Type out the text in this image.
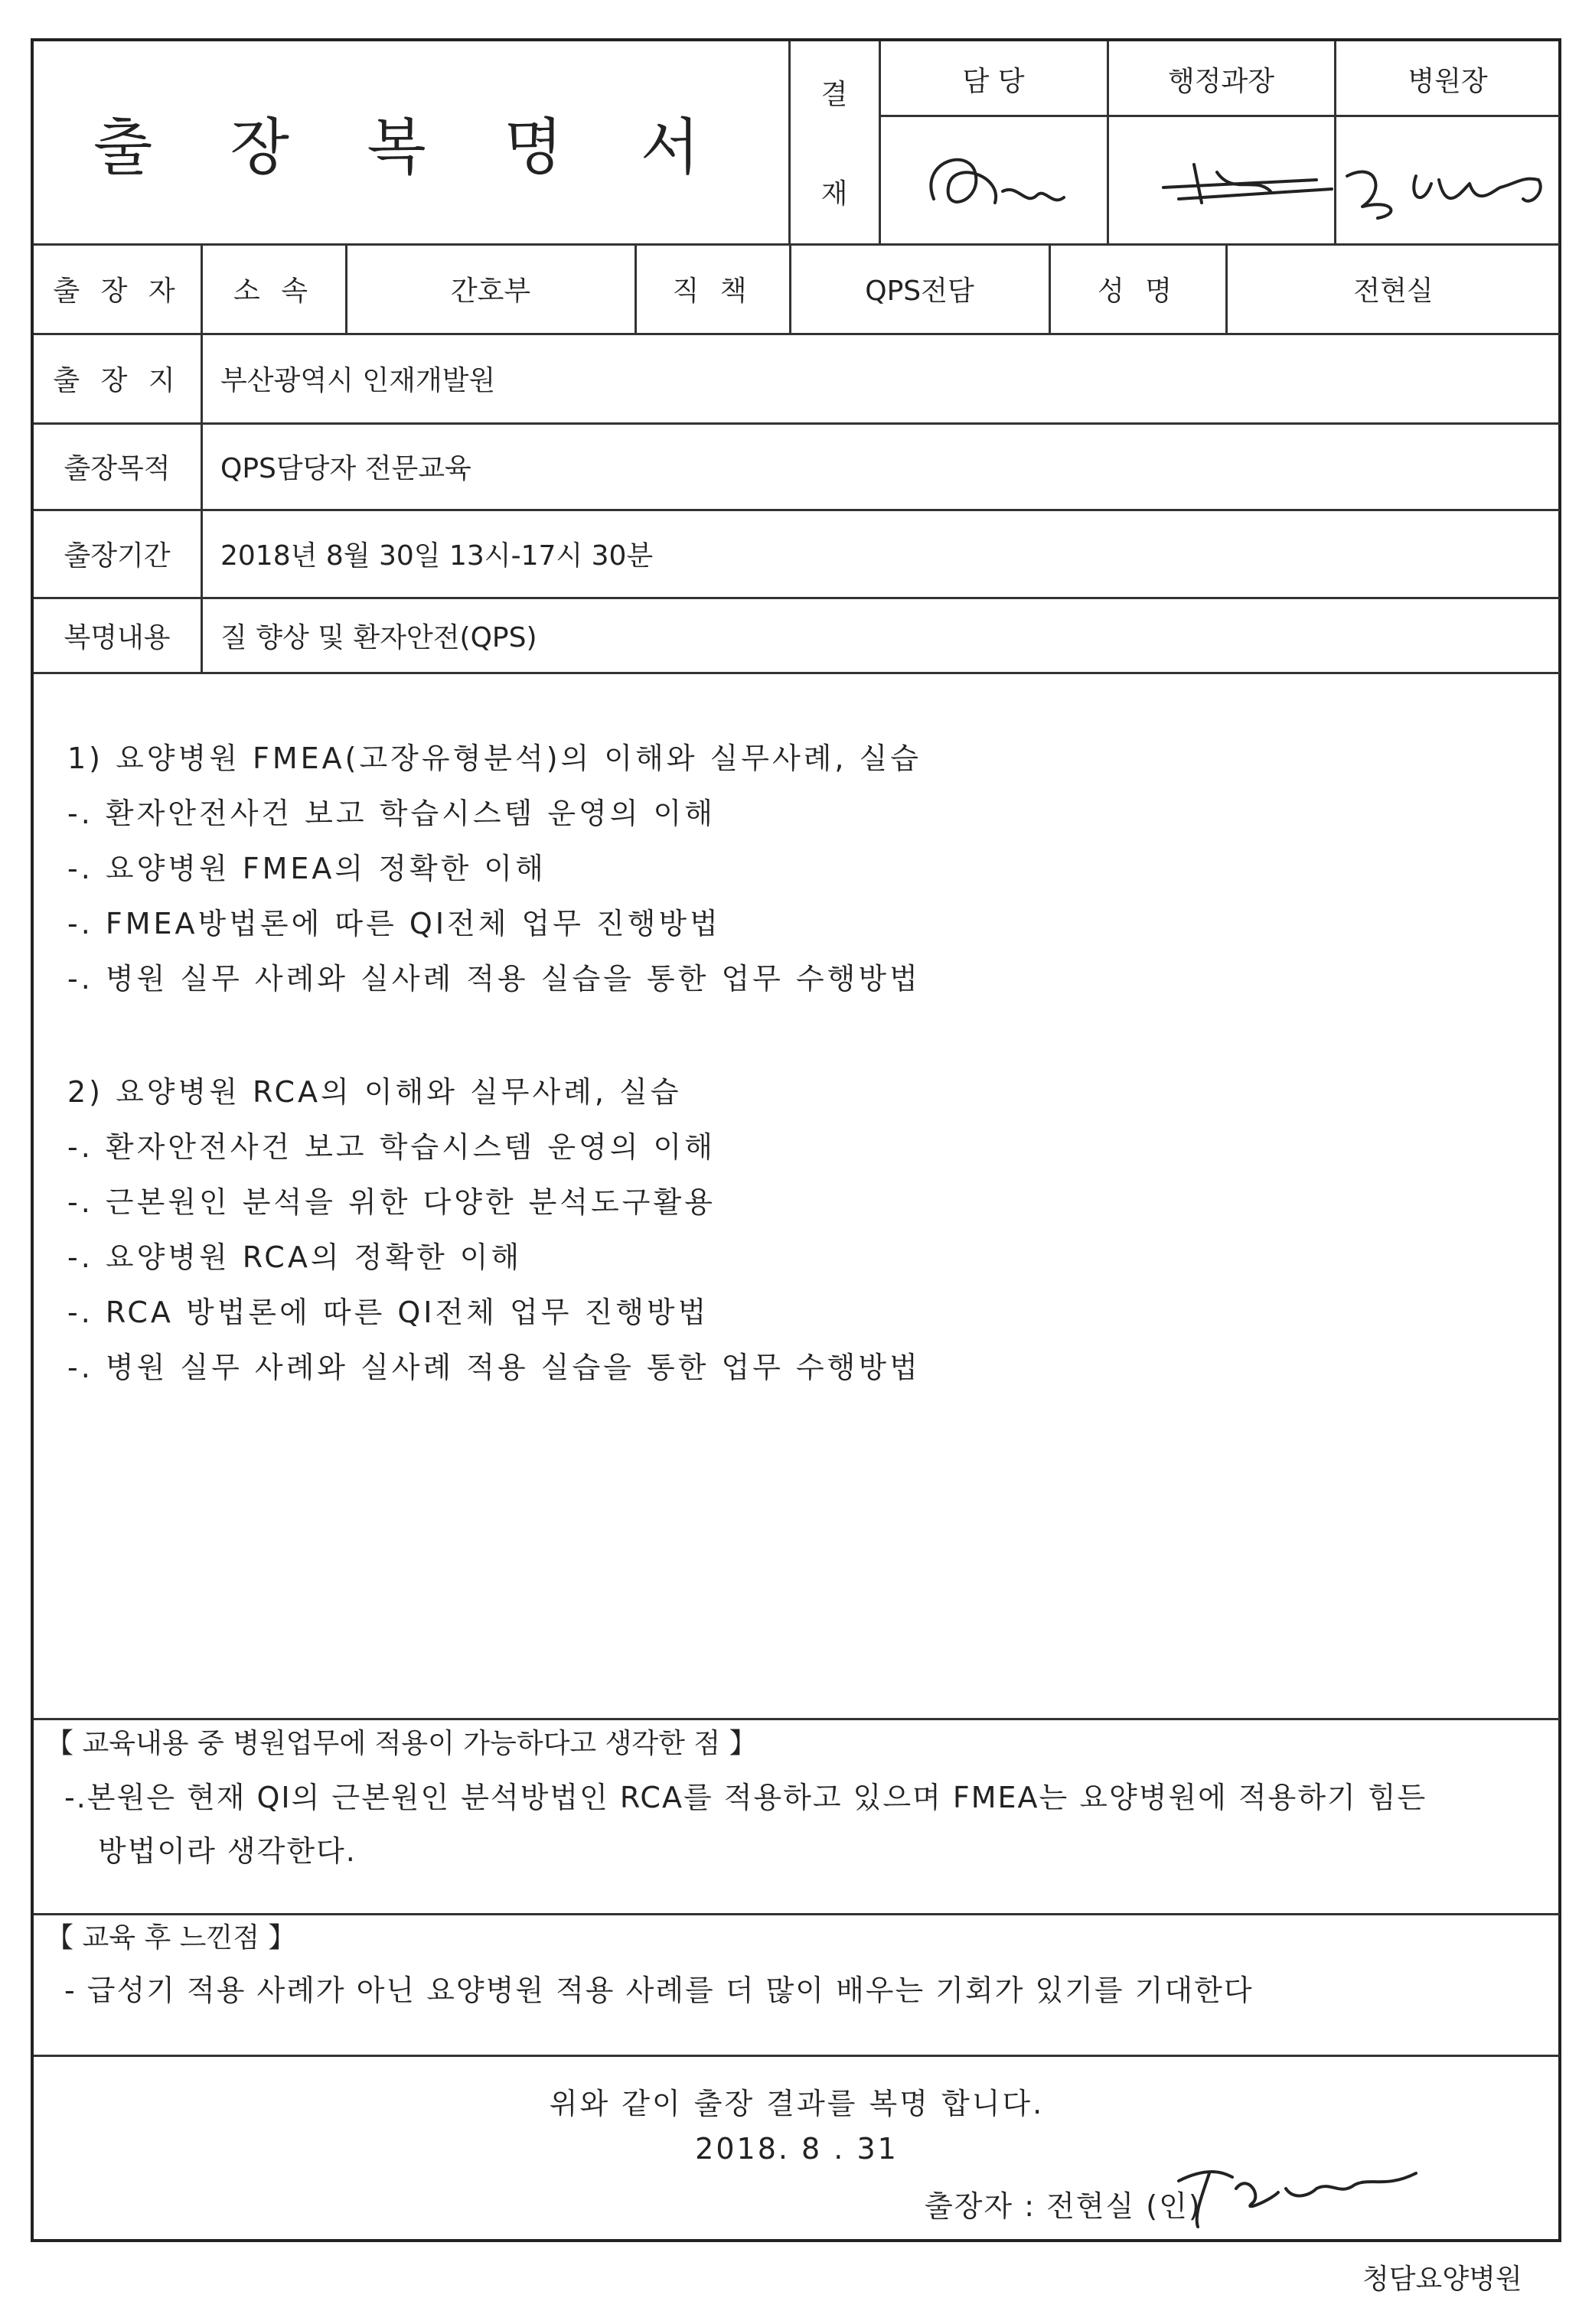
출 장 복 명 서
결
재
담 당	행정과장	병원장
출 장 자	소 속	간호부	직 책	QPS전담	성 명	전현실
출 장 지	부산광역시 인재개발원
출장목적	QPS담당자 전문교육
출장기간	2018년 8월 30일 13시-17시 30분
복명내용	질 향상 및 환자안전(QPS)
1) 요양병원 FMEA(고장유형분석)의 이해와 실무사례, 실습
-. 환자안전사건 보고 학습시스템 운영의 이해
-. 요양병원 FMEA의 정확한 이해
-. FMEA방법론에 따른 QI전체 업무 진행방법
-. 병원 실무 사례와 실사례 적용 실습을 통한 업무 수행방법
2) 요양병원 RCA의 이해와 실무사례, 실습
-. 환자안전사건 보고 학습시스템 운영의 이해
-. 근본원인 분석을 위한 다양한 분석도구활용
-. 요양병원 RCA의 정확한 이해
-. RCA 방법론에 따른 QI전체 업무 진행방법
-. 병원 실무 사례와 실사례 적용 실습을 통한 업무 수행방법
【 교육내용 중 병원업무에 적용이 가능하다고 생각한 점 】
-.본원은 현재 QI의 근본원인 분석방법인 RCA를 적용하고 있으며 FMEA는 요양병원에 적용하기 힘든
방법이라 생각한다.
【 교육 후 느낀점 】
- 급성기 적용 사례가 아닌 요양병원 적용 사례를 더 많이 배우는 기회가 있기를 기대한다
위와 같이 출장 결과를 복명 합니다.
2018. 8 . 31
출장자 : 전현실 (인)
청담요양병원
